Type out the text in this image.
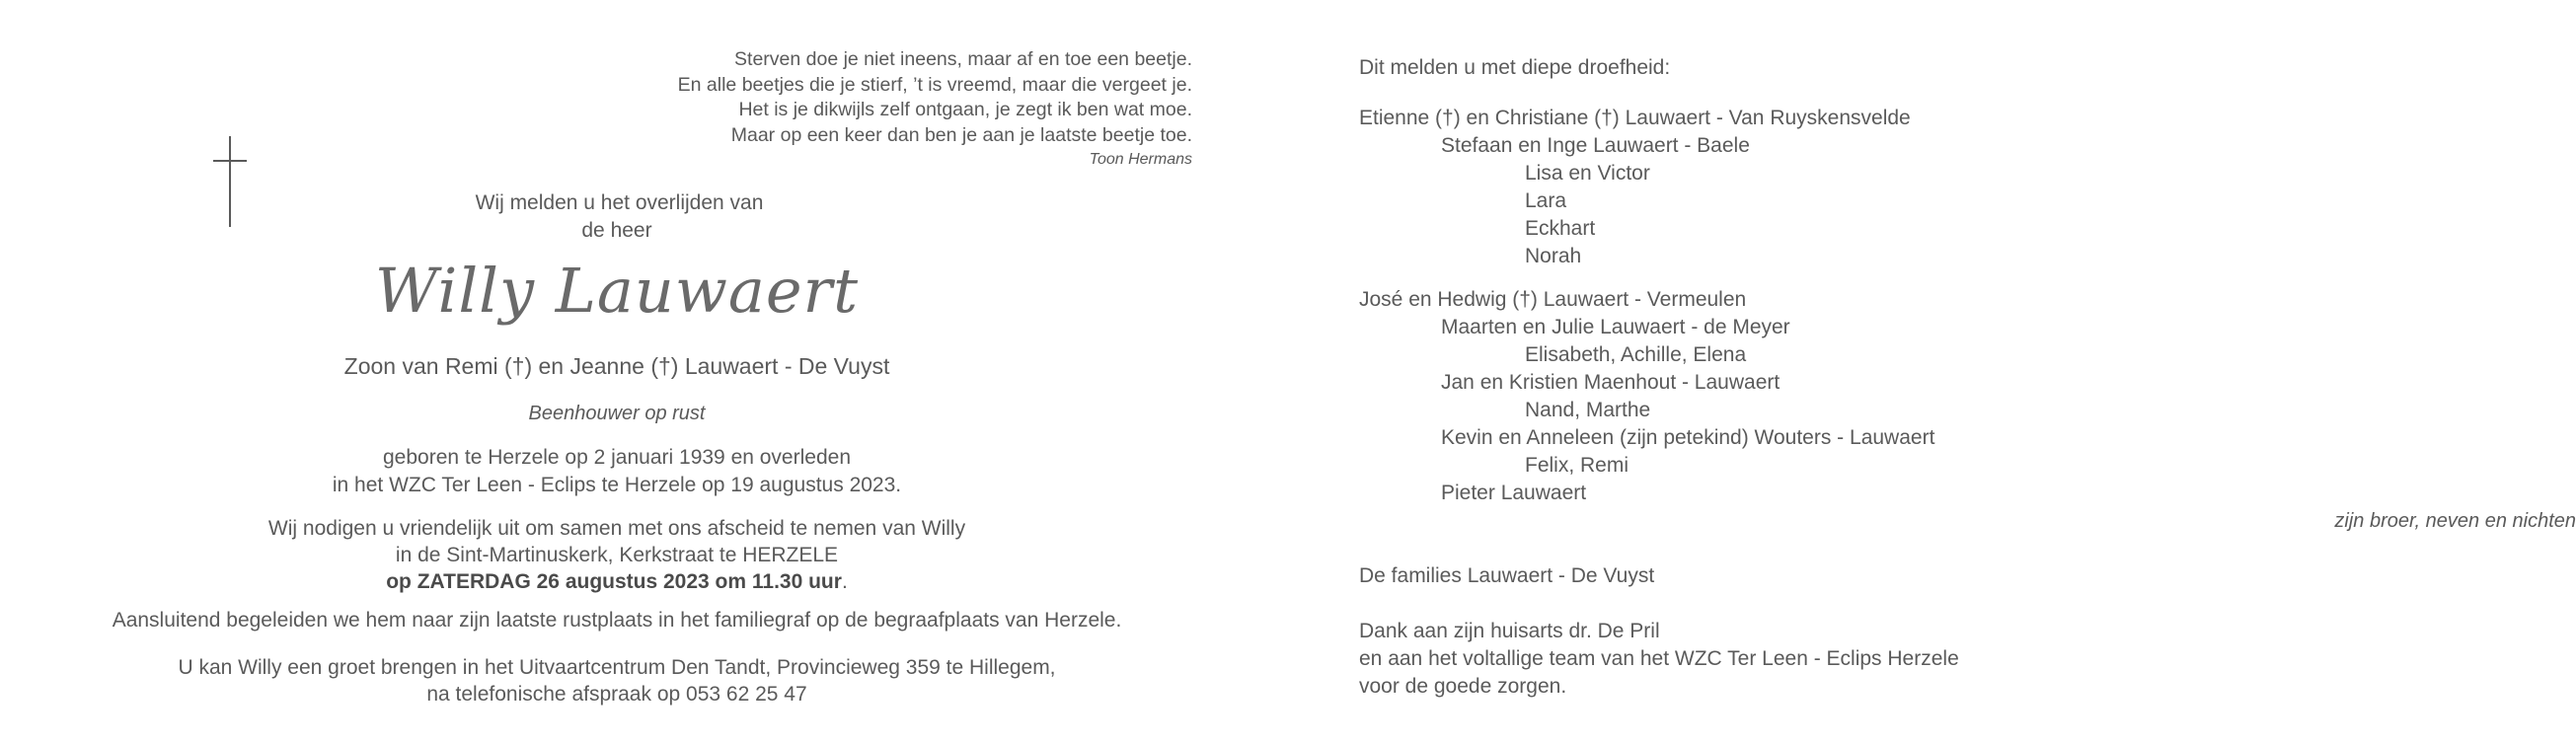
Sterven doe je niet ineens, maar af en toe een beetje.
En alle beetjes die je stierf, ’t is vreemd, maar die vergeet je.
Het is je dikwijls zelf ontgaan, je zegt ik ben wat moe.
Maar op een keer dan ben je aan je laatste beetje toe.
Toon Hermans
Wij melden u het overlijden van
de heer
Willy Lauwaert
Zoon van Remi (†) en Jeanne (†) Lauwaert - De Vuyst
Beenhouwer op rust
geboren te Herzele op 2 januari 1939 en overleden
in het WZC Ter Leen - Eclips te Herzele op 19 augustus 2023.
Wij nodigen u vriendelijk uit om samen met ons afscheid te nemen van Willy
in de Sint-Martinuskerk, Kerkstraat te HERZELE
op ZATERDAG 26 augustus 2023 om 11.30 uur.
Aansluitend begeleiden we hem naar zijn laatste rustplaats in het familiegraf op de begraafplaats van Herzele.
U kan Willy een groet brengen in het Uitvaartcentrum Den Tandt, Provincieweg 359 te Hillegem,
na telefonische afspraak op 053 62 25 47
Dit melden u met diepe droefheid:
Etienne (†) en Christiane (†) Lauwaert - Van Ruyskensvelde
Stefaan en Inge Lauwaert - Baele
Lisa en Victor
Lara
Eckhart
Norah
José en Hedwig (†) Lauwaert - Vermeulen
Maarten en Julie Lauwaert - de Meyer
Elisabeth, Achille, Elena
Jan en Kristien Maenhout - Lauwaert
Nand, Marthe
Kevin en Anneleen (zijn petekind) Wouters - Lauwaert
Felix, Remi
Pieter Lauwaert
zijn broer, neven en nichten
De families Lauwaert - De Vuyst
Dank aan zijn huisarts dr. De Pril
en aan het voltallige team van het WZC Ter Leen - Eclips Herzele
voor de goede zorgen.
